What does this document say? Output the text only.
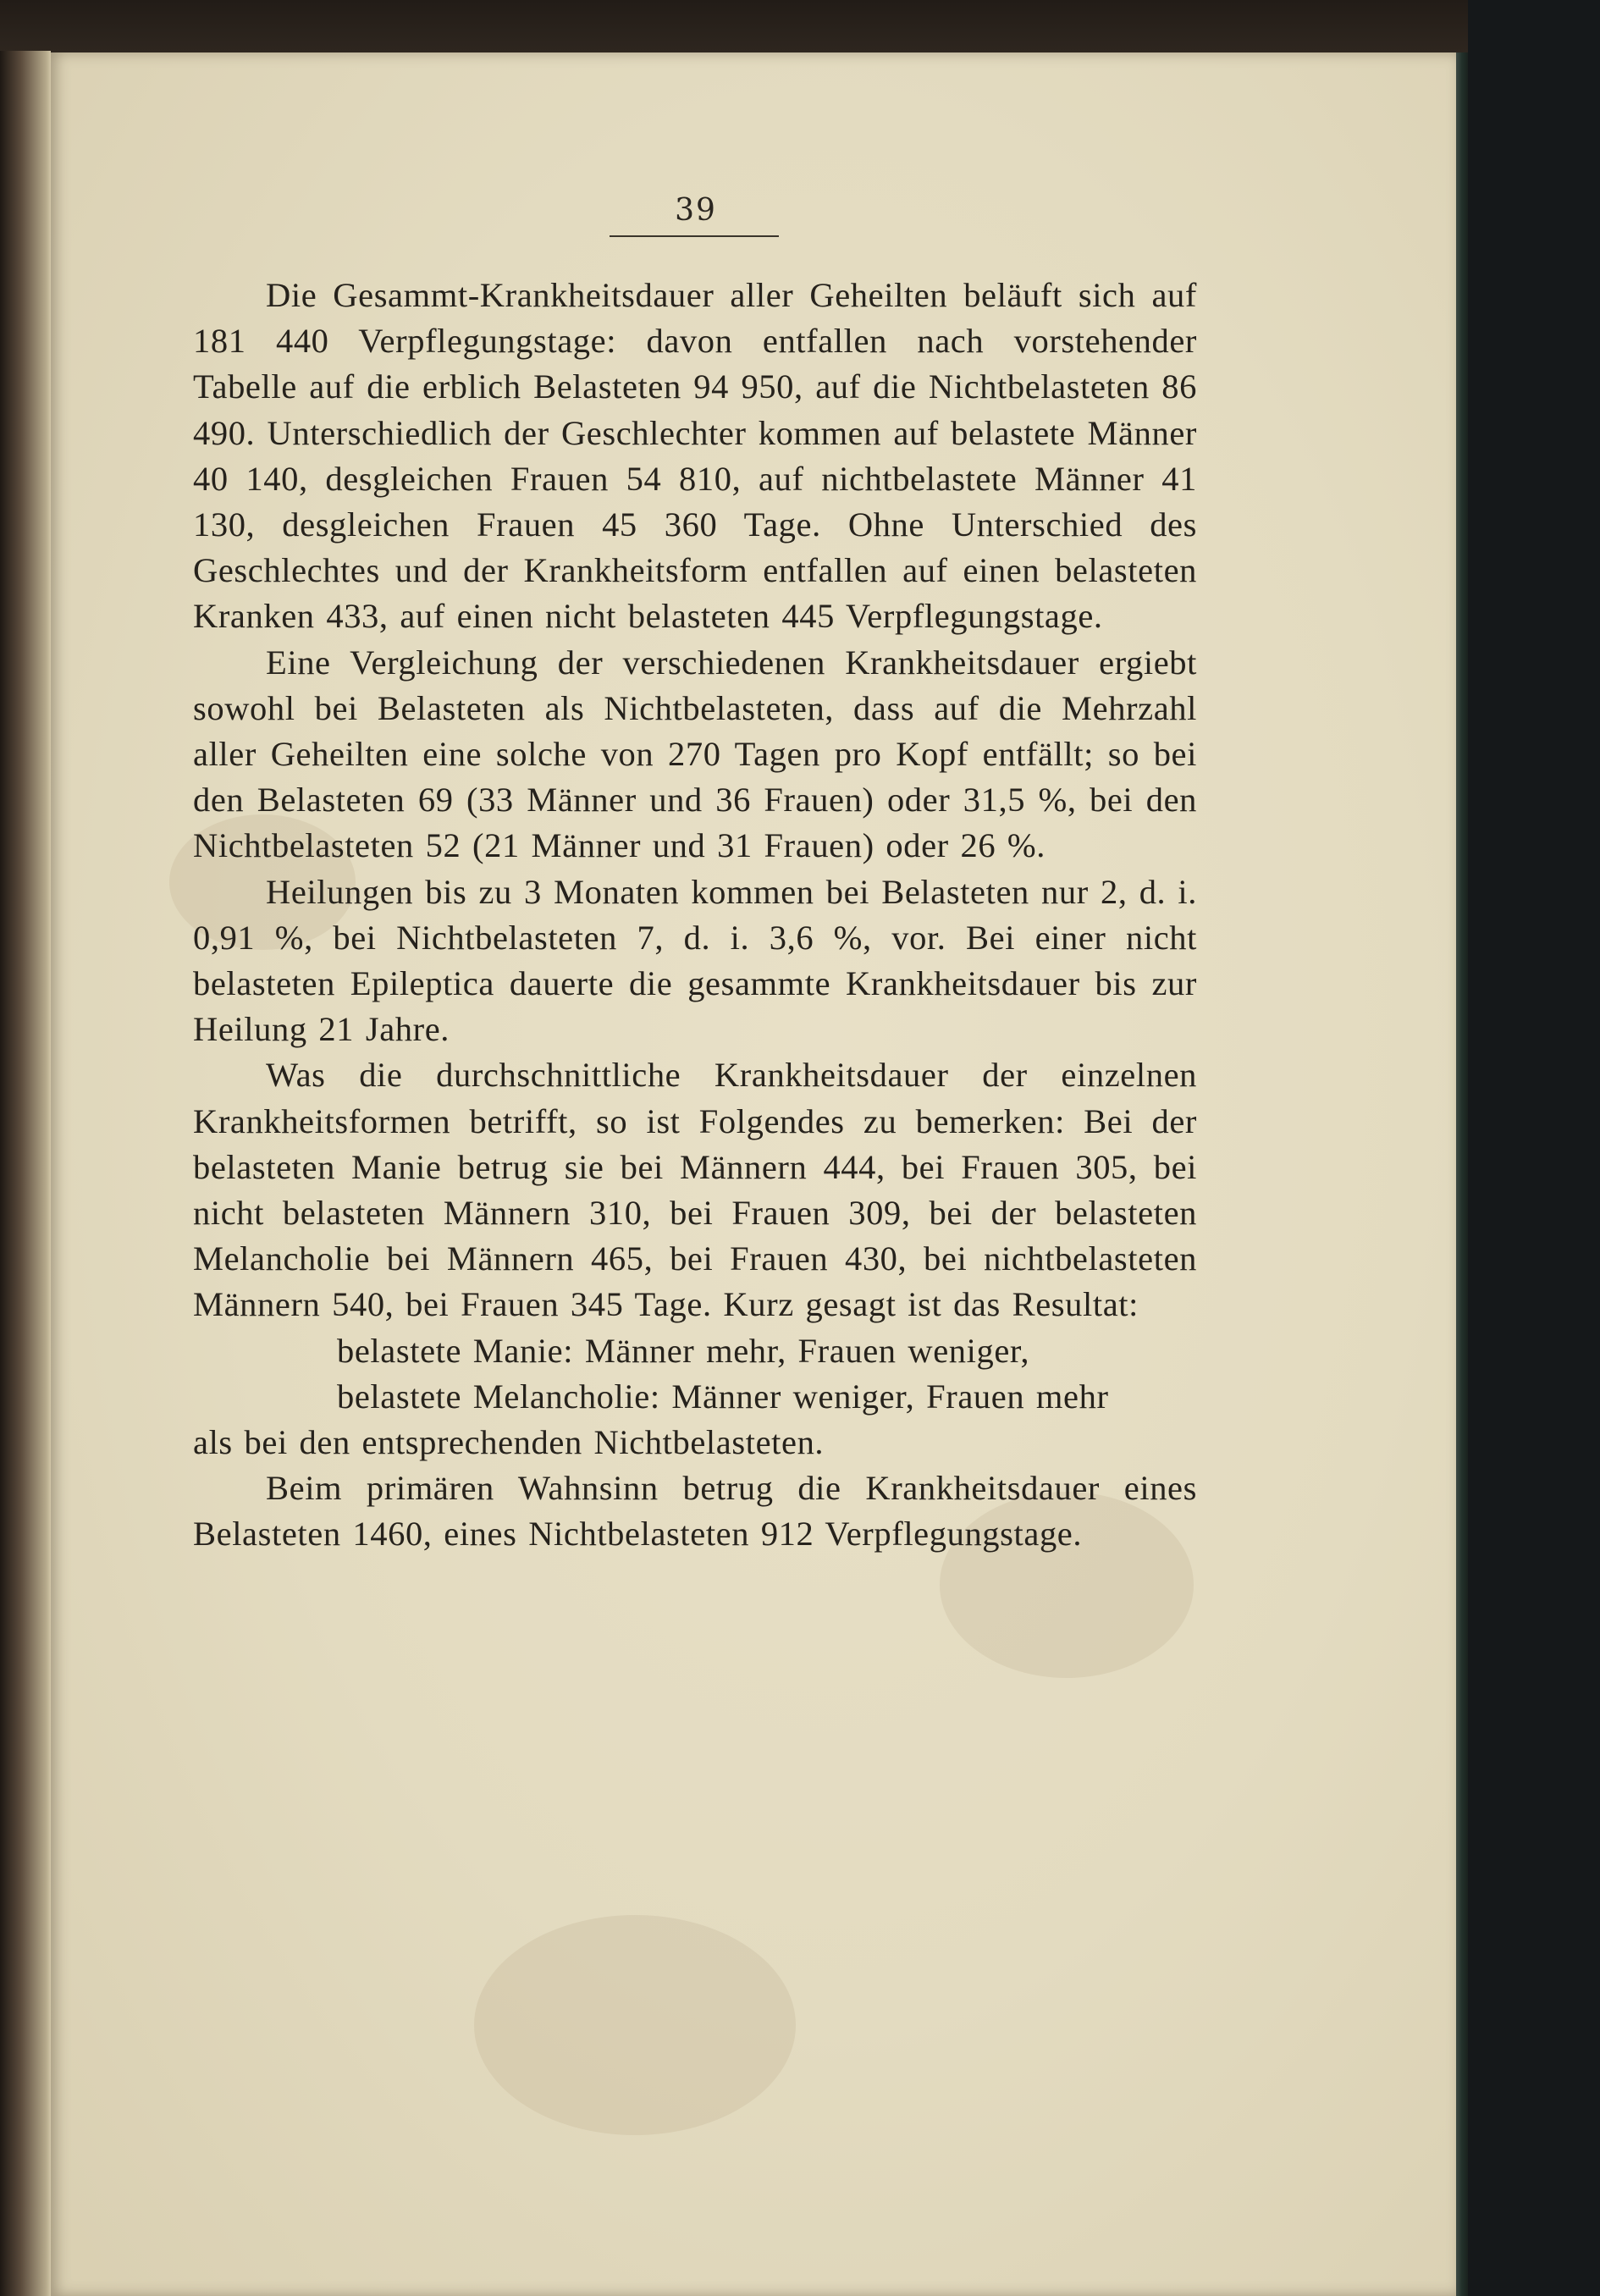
39

Die Gesammt-Krankheitsdauer aller Geheilten beläuft sich auf 181 440 Verpflegungstage: davon entfallen nach vorstehender Tabelle auf die erblich Belasteten 94 950, auf die Nichtbelasteten 86 490. Unterschiedlich der Geschlechter kommen auf belastete Männer 40 140, desgleichen Frauen 54 810, auf nichtbelastete Männer 41 130, desgleichen Frauen 45 360 Tage. Ohne Unterschied des Geschlechtes und der Krankheitsform entfallen auf einen belasteten Kranken 433, auf einen nicht belasteten 445 Verpflegungstage.

Eine Vergleichung der verschiedenen Krankheitsdauer ergiebt sowohl bei Belasteten als Nichtbelasteten, dass auf die Mehrzahl aller Geheilten eine solche von 270 Tagen pro Kopf entfällt; so bei den Belasteten 69 (33 Männer und 36 Frauen) oder 31,5 %, bei den Nichtbelasteten 52 (21 Männer und 31 Frauen) oder 26 %.

Heilungen bis zu 3 Monaten kommen bei Belasteten nur 2, d. i. 0,91 %, bei Nichtbelasteten 7, d. i. 3,6 %, vor. Bei einer nicht belasteten Epileptica dauerte die gesammte Krankheitsdauer bis zur Heilung 21 Jahre.

Was die durchschnittliche Krankheitsdauer der einzelnen Krankheitsformen betrifft, so ist Folgendes zu bemerken: Bei der belasteten Manie betrug sie bei Männern 444, bei Frauen 305, bei nicht belasteten Männern 310, bei Frauen 309, bei der belasteten Melancholie bei Männern 465, bei Frauen 430, bei nichtbelasteten Männern 540, bei Frauen 345 Tage. Kurz gesagt ist das Resultat:

belastete Manie: Männer mehr, Frauen weniger,

belastete Melancholie: Männer weniger, Frauen mehr

als bei den entsprechenden Nichtbelasteten.

Beim primären Wahnsinn betrug die Krankheitsdauer eines Belasteten 1460, eines Nichtbelasteten 912 Verpflegungstage.
